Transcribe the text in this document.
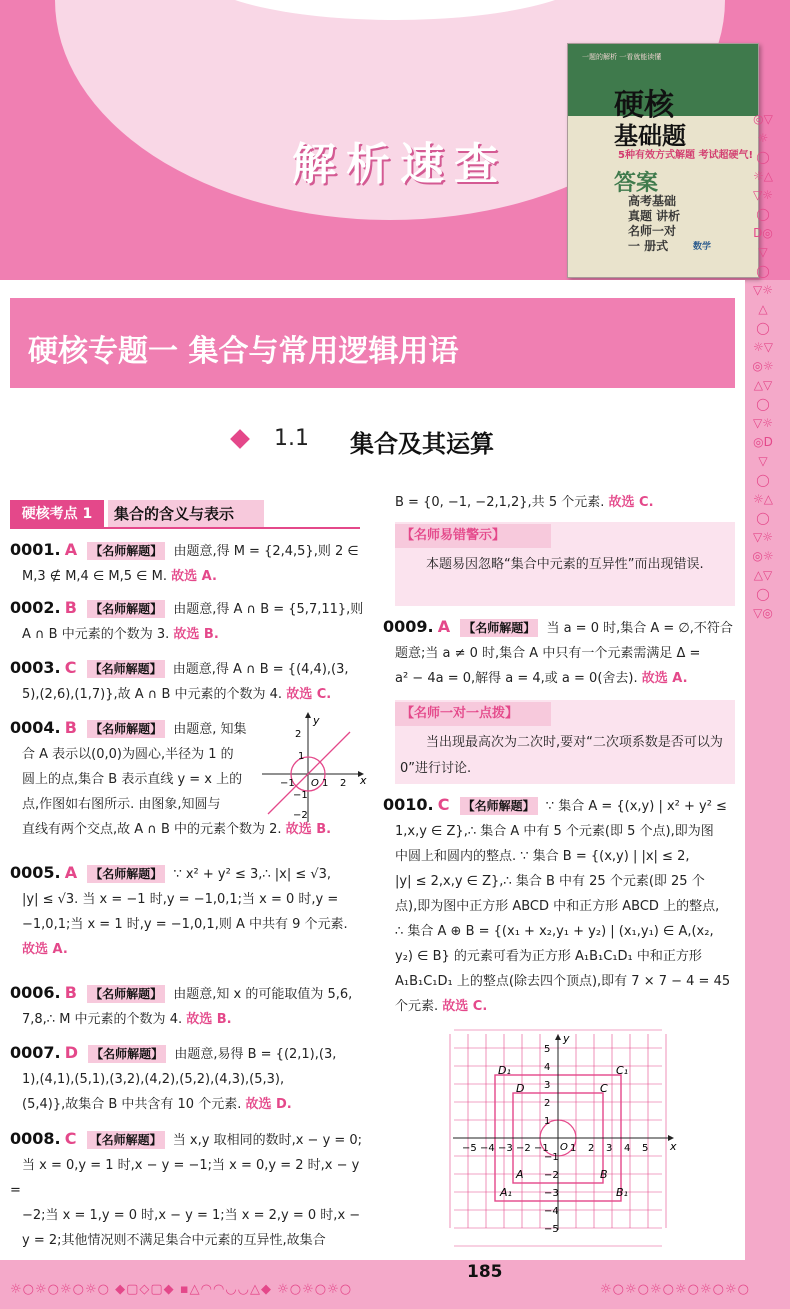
解析速查
一题的解析 一看就能读懂
硬核
基础题
5种有效方式解题 考试超硬气!
答案
高考基础真题 讲析 名师一对一 册式	数学
◎▽☼◯☼△▽☼◯D◎▽◯▽☼△◯☼▽◎☼△▽◯▽☼◎D▽◯☼△◯▽☼◎☼△▽◯▽◎
硬核专题一 集合与常用逻辑用语
1.1 集合及其运算
硬核考点 1	集合的含义与表示
0001. A 【名师解题】 由题意,得 M = {2,4,5},则 2 ∈
M,3 ∉ M,4 ∈ M,5 ∈ M. 故选 A.
0002. B 【名师解题】 由题意,得 A ∩ B = {5,7,11},则
A ∩ B 中元素的个数为 3. 故选 B.
0003. C 【名师解题】 由题意,得 A ∩ B = {(4,4),(3,
5),(2,6),(1,7)},故 A ∩ B 中元素的个数为 4. 故选 C.
0004. B 【名师解题】 由题意, 知集
合 A 表示以(0,0)为圆心,半径为 1 的
圆上的点,集合 B 表示直线 y = x 上的
点,作图如右图所示. 由图象,知圆与
直线有两个交点,故 A ∩ B 中的元素个数为 2. 故选 B.
x
y
O
−1	1 2
2
1
−1
−2
0005. A 【名师解题】 ∵ x² + y² ≤ 3,∴ |x| ≤ √3,
|y| ≤ √3. 当 x = −1 时,y = −1,0,1;当 x = 0 时,y =
−1,0,1;当 x = 1 时,y = −1,0,1,则 A 中共有 9 个元素.
故选 A.
0006. B 【名师解题】 由题意,知 x 的可能取值为 5,6,
7,8,∴ M 中元素的个数为 4. 故选 B.
0007. D 【名师解题】 由题意,易得 B = {(2,1),(3,
1),(4,1),(5,1),(3,2),(4,2),(5,2),(4,3),(5,3),
(5,4)},故集合 B 中共含有 10 个元素. 故选 D.
0008. C 【名师解题】 当 x,y 取相同的数时,x − y = 0;
当 x = 0,y = 1 时,x − y = −1;当 x = 0,y = 2 时,x − y =
−2;当 x = 1,y = 0 时,x − y = 1;当 x = 2,y = 0 时,x −
y = 2;其他情况则不满足集合中元素的互异性,故集合
B = {0, −1, −2,1,2},共 5 个元素. 故选 C.
【名师易错警示】
本题易因忽略“集合中元素的互异性”而出现错误.
0009. A 【名师解题】 当 a = 0 时,集合 A = ∅,不符合
题意;当 a ≠ 0 时,集合 A 中只有一个元素需满足 Δ =
a² − 4a = 0,解得 a = 4,或 a = 0(舍去). 故选 A.
【名师一对一点拨】
当出现最高次为二次时,要对“二次项系数是否可以为 0”进行讨论.
0010. C 【名师解题】 ∵ 集合 A = {(x,y) | x² + y² ≤
1,x,y ∈ Z},∴ 集合 A 中有 5 个元素(即 5 个点),即为图
中圆上和圆内的整点. ∵ 集合 B = {(x,y) | |x| ≤ 2,
|y| ≤ 2,x,y ∈ Z},∴ 集合 B 中有 25 个元素(即 25 个
点),即为图中正方形 ABCD 中和正方形 ABCD 上的整点,
∴ 集合 A ⊕ B = {(x₁ + x₂,y₁ + y₂) | (x₁,y₁) ∈ A,(x₂,
y₂) ∈ B} 的元素可看为正方形 A₁B₁C₁D₁ 中和正方形
A₁B₁C₁D₁ 上的整点(除去四个顶点),即有 7 × 7 − 4 = 45
个元素. 故选 C.
x
y
O
−5 −4 −3 −2 −1 1 2 3 4 5
5
4
3
2
1
−1
−2
−3
−4
−5
D₁	C₁
D	C
A	B
A₁	B₁
☼○☼○☼○☼○ ◆▢◇▢◆ ▪△◠◠◡◡△◆ ☼○☼○☼○	☼○☼○☼○☼○☼○☼○
185
